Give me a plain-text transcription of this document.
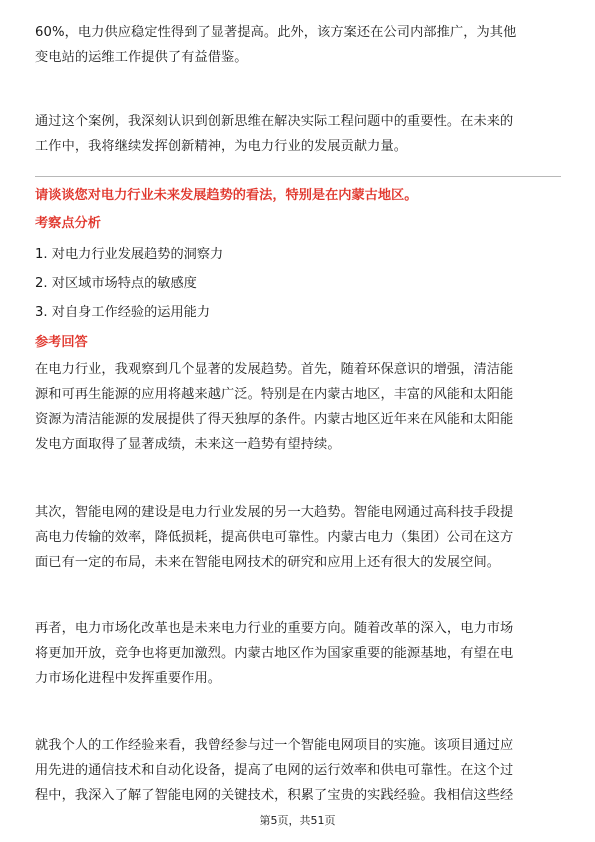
60%，电力供应稳定性得到了显著提高。此外，该方案还在公司内部推广，为其他
变电站的运维工作提供了有益借鉴。
通过这个案例，我深刻认识到创新思维在解决实际工程问题中的重要性。在未来的
工作中，我将继续发挥创新精神，为电力行业的发展贡献力量。

请谈谈您对电力行业未来发展趋势的看法，特别是在内蒙古地区。

考察点分析

1. 对电力行业发展趋势的洞察力
2. 对区域市场特点的敏感度
3. 对自身工作经验的运用能力

参考回答

在电力行业，我观察到几个显著的发展趋势。首先，随着环保意识的增强，清洁能
源和可再生能源的应用将越来越广泛。特别是在内蒙古地区，丰富的风能和太阳能
资源为清洁能源的发展提供了得天独厚的条件。内蒙古地区近年来在风能和太阳能
发电方面取得了显著成绩，未来这一趋势有望持续。
其次，智能电网的建设是电力行业发展的另一大趋势。智能电网通过高科技手段提
高电力传输的效率，降低损耗，提高供电可靠性。内蒙古电力（集团）公司在这方
面已有一定的布局，未来在智能电网技术的研究和应用上还有很大的发展空间。
再者，电力市场化改革也是未来电力行业的重要方向。随着改革的深入，电力市场
将更加开放，竞争也将更加激烈。内蒙古地区作为国家重要的能源基地，有望在电
力市场化进程中发挥重要作用。
就我个人的工作经验来看，我曾经参与过一个智能电网项目的实施。该项目通过应
用先进的通信技术和自动化设备，提高了电网的运行效率和供电可靠性。在这个过
程中，我深入了解了智能电网的关键技术，积累了宝贵的实践经验。我相信这些经
第5页，共51页
